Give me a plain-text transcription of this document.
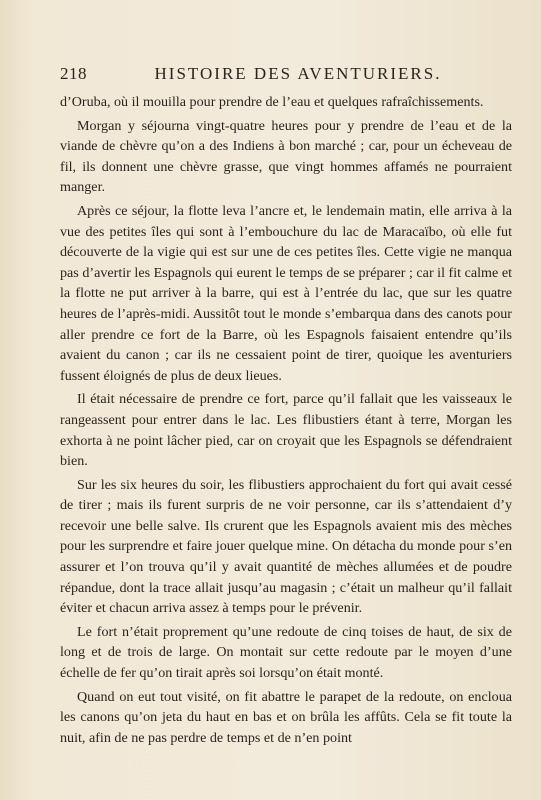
218	HISTOIRE DES AVENTURIERS.

d’Oruba, où il mouilla pour prendre de l’eau et quelques rafraîchissements.

Morgan y séjourna vingt-quatre heures pour y prendre de l’eau et de la viande de chèvre qu’on a des Indiens à bon marché ; car, pour un écheveau de fil, ils donnent une chèvre grasse, que vingt hommes affamés ne pourraient manger.

Après ce séjour, la flotte leva l’ancre et, le lendemain matin, elle arriva à la vue des petites îles qui sont à l’embouchure du lac de Maracaïbo, où elle fut découverte de la vigie qui est sur une de ces petites îles. Cette vigie ne manqua pas d’avertir les Espagnols qui eurent le temps de se préparer ; car il fit calme et la flotte ne put arriver à la barre, qui est à l’entrée du lac, que sur les quatre heures de l’après-midi. Aussitôt tout le monde s’embarqua dans des canots pour aller prendre ce fort de la Barre, où les Espagnols faisaient entendre qu’ils avaient du canon ; car ils ne cessaient point de tirer, quoique les aventuriers fussent éloignés de plus de deux lieues.

Il était nécessaire de prendre ce fort, parce qu’il fallait que les vaisseaux le rangeassent pour entrer dans le lac. Les flibustiers étant à terre, Morgan les exhorta à ne point lâcher pied, car on croyait que les Espagnols se défendraient bien.

Sur les six heures du soir, les flibustiers approchaient du fort qui avait cessé de tirer ; mais ils furent surpris de ne voir personne, car ils s’attendaient d’y recevoir une belle salve. Ils crurent que les Espagnols avaient mis des mèches pour les surprendre et faire jouer quelque mine. On détacha du monde pour s’en assurer et l’on trouva qu’il y avait quantité de mèches allumées et de poudre répandue, dont la trace allait jusqu’au magasin ; c’était un malheur qu’il fallait éviter et chacun arriva assez à temps pour le prévenir.

Le fort n’était proprement qu’une redoute de cinq toises de haut, de six de long et de trois de large. On montait sur cette redoute par le moyen d’une échelle de fer qu’on tirait après soi lorsqu’on était monté.

Quand on eut tout visité, on fit abattre le parapet de la redoute, on encloua les canons qu’on jeta du haut en bas et on brûla les affûts. Cela se fit toute la nuit, afin de ne pas perdre de temps et de n’en point
